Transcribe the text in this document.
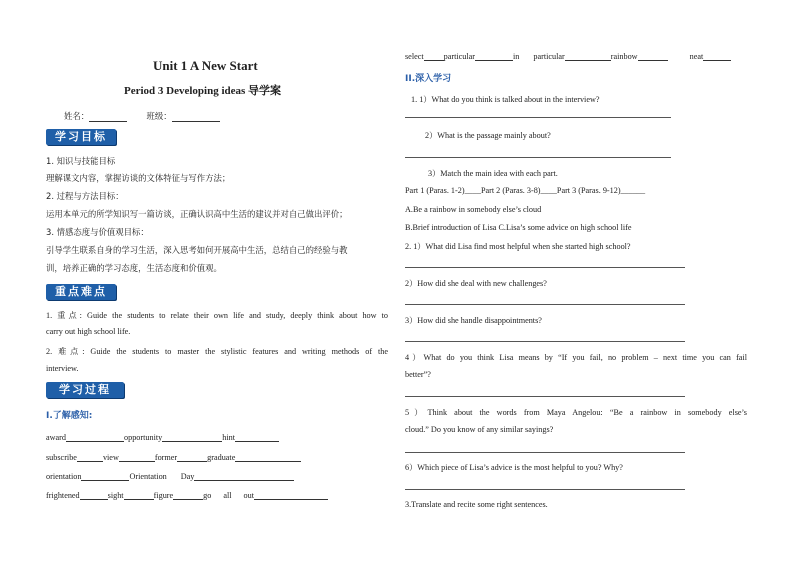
Unit 1 A New Start
Period 3 Developing ideas 导学案
姓名：	班级：
学习目标
1. 知识与技能目标
理解课文内容，掌握访谈的文体特征与写作方法；
2. 过程与方法目标：
运用本单元的所学知识写一篇访谈，正确认识高中生活的建议并对自己做出评价；
3. 情感态度与价值观目标：
引导学生联系自身的学习生活，深入思考如何开展高中生活，总结自己的经验与教
训，培养正确的学习态度，生活态度和价值观。
重点难点
1. 重点: Guide the students to relate their own life and study, deeply think about how to
carry out high school life.
2. 难点: Guide the students to master the stylistic features and writing methods of the
interview.
学习过程
I.了解感知:
award	opportunity	hint
subscribe	view	former	graduate
orientation	Orientation Day
frightened	sight	figure	go all out
select particular	in particular	rainbow	neat
II.深入学习
1. 1）What do you think is talked about in the interview?
2）What is the passage mainly about?
3）Match the main idea with each part.
Part 1 (Paras. 1-2)____Part 2 (Paras. 3-8)____Part 3 (Paras. 9-12)______
A.Be a rainbow in somebody else’s cloud
B.Brief introduction of Lisa C.Lisa’s some advice on high school life
2. 1）What did Lisa find most helpful when she started high school?
2）How did she deal with new challenges?
3）How did she handle disappointments?
4）What do you think Lisa means by “If you fail, no problem – next time you can fail
better”?
5）Think about the words from Maya Angelou: “Be a rainbow in somebody else’s
cloud.” Do you know of any similar sayings?
6）Which piece of Lisa’s advice is the most helpful to you? Why?
3.Translate and recite some right sentences.
